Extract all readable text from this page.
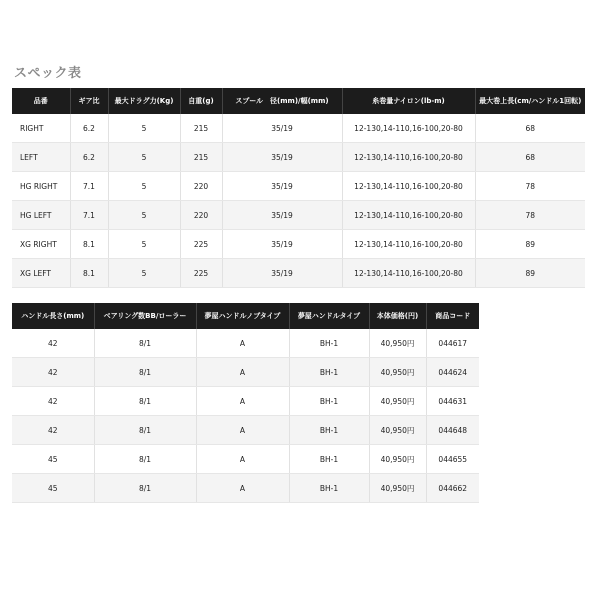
スペック表
品番	ギア比	最大ドラグ力(Kg)	自重(g)	スプール　径(mm)/幅(mm)	糸巻量ナイロン(lb-m)	最大巻上長(cm/ハンドル1回転)
RIGHT	6.2	5	215	35/19	12-130,14-110,16-100,20-80	68
LEFT	6.2	5	215	35/19	12-130,14-110,16-100,20-80	68
HG RIGHT	7.1	5	220	35/19	12-130,14-110,16-100,20-80	78
HG LEFT	7.1	5	220	35/19	12-130,14-110,16-100,20-80	78
XG RIGHT	8.1	5	225	35/19	12-130,14-110,16-100,20-80	89
XG LEFT	8.1	5	225	35/19	12-130,14-110,16-100,20-80	89
ハンドル長さ(mm)	ベアリング数BB/ローラー	夢屋ハンドルノブタイプ	夢屋ハンドルタイプ	本体価格(円)	商品コード
42	8/1	A	BH-1	40,950円	044617
42	8/1	A	BH-1	40,950円	044624
42	8/1	A	BH-1	40,950円	044631
42	8/1	A	BH-1	40,950円	044648
45	8/1	A	BH-1	40,950円	044655
45	8/1	A	BH-1	40,950円	044662
